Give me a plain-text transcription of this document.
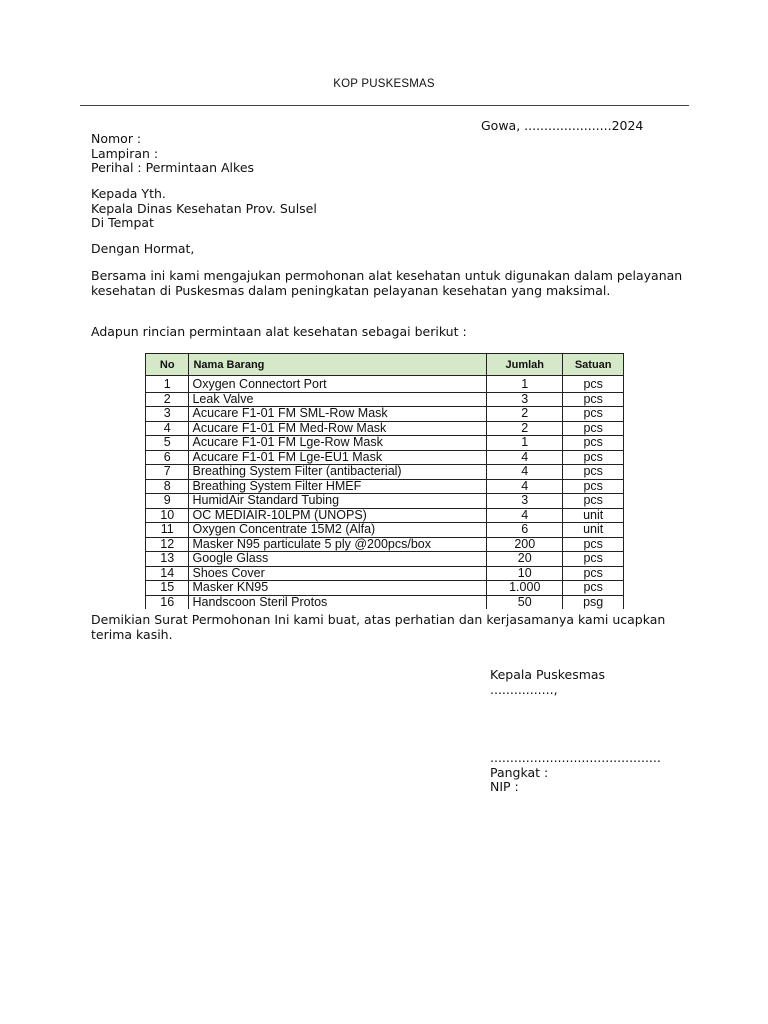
KOP PUSKESMAS
Gowa, ......................2024
Nomor :
Lampiran :
Perihal : Permintaan Alkes
Kepada Yth.
Kepala Dinas Kesehatan Prov. Sulsel
Di Tempat
Dengan Hormat,
Bersama ini kami mengajukan permohonan alat kesehatan untuk digunakan dalam pelayanan kesehatan di Puskesmas dalam peningkatan pelayanan kesehatan yang maksimal.
Adapun rincian permintaan alat kesehatan sebagai berikut :
No	Nama Barang	Jumlah	Satuan
1	Oxygen Connectort Port	1	pcs
2	Leak Valve	3	pcs
3	Acucare F1-01 FM SML-Row Mask	2	pcs
4	Acucare F1-01 FM Med-Row Mask	2	pcs
5	Acucare F1-01 FM Lge-Row Mask	1	pcs
6	Acucare F1-01 FM Lge-EU1 Mask	4	pcs
7	Breathing System Filter (antibacterial)	4	pcs
8	Breathing System Filter HMEF	4	pcs
9	HumidAir Standard Tubing	3	pcs
10	OC MEDIAIR-10LPM (UNOPS)	4	unit
11	Oxygen Concentrate 15M2 (Alfa)	6	unit
12	Masker N95 particulate 5 ply @200pcs/box	200	pcs
13	Google Glass	20	pcs
14	Shoes Cover	10	pcs
15	Masker KN95	1.000	pcs
16	Handscoon Steril Protos	50	psg
Demikian Surat Permohonan Ini kami buat, atas perhatian dan kerjasamanya kami ucapkan terima kasih.
Kepala Puskesmas
................,
...........................................
Pangkat :
NIP :
